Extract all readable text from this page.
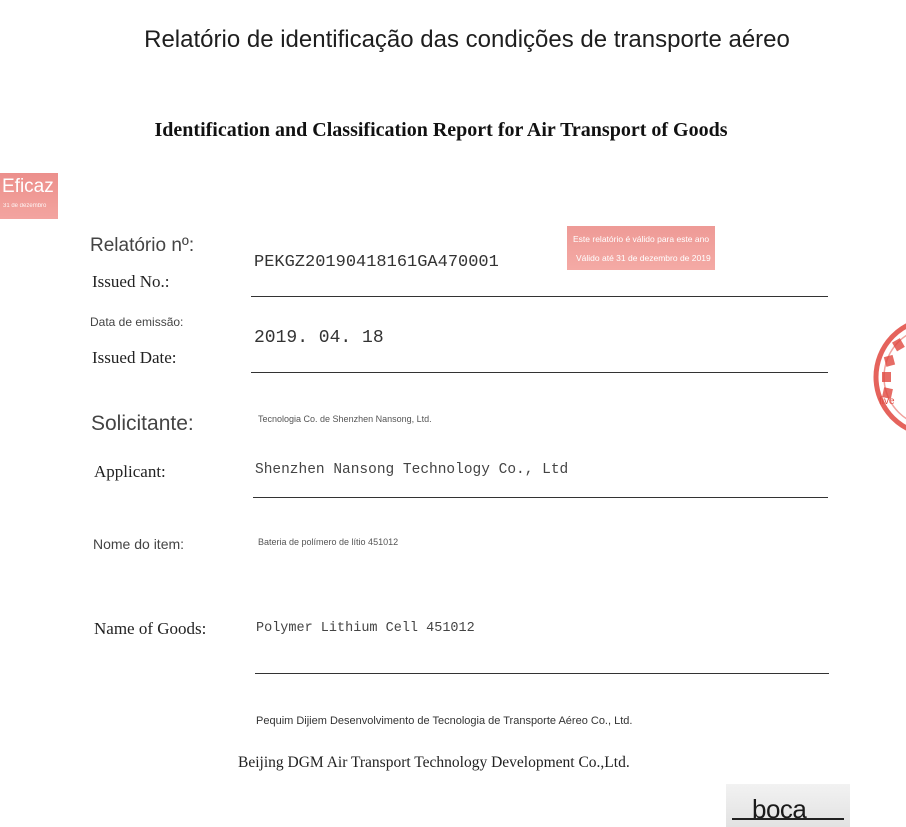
Relatório de identificação das condições de transporte aéreo
Identification and Classification Report for Air Transport of Goods
Eficaz
31 de dezembro
Relatório nº:
Issued No.:
PEKGZ20190418161GA470001
Este relatório é válido para este ano
Válido até 31 de dezembro de 2019
Data de emissão:
Issued Date:
2019. 04. 18
five
Solicitante:
Applicant:
Tecnologia Co. de Shenzhen Nansong, Ltd.
Shenzhen Nansong Technology Co., Ltd
Nome do item:	Bateria de polímero de lítio 451012
Name of Goods:	Polymer Lithium Cell 451012
Pequim Dijiem Desenvolvimento de Tecnologia de Transporte Aéreo Co., Ltd.
Beijing DGM Air Transport Technology Development Co.,Ltd.
boca
